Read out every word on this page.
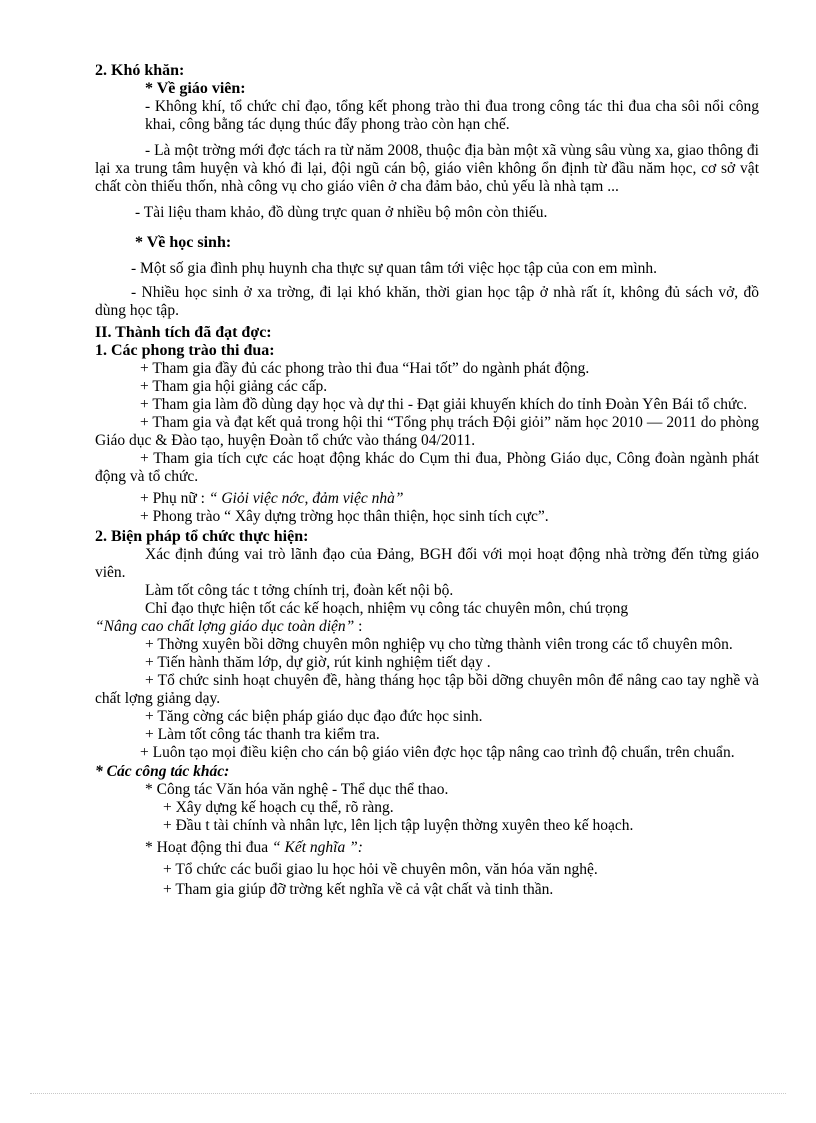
2. Khó khăn:
* Về giáo viên:

- Không khí, tổ chức chỉ đạo, tổng kết phong trào thi đua trong công tác thi đua cha sôi nổi công khai, công bằng tác dụng thúc đẩy phong trào còn hạn chế.

- Là một trờng mới đợc tách ra từ năm 2008, thuộc địa bàn một xã vùng sâu vùng xa, giao thông đi lại xa trung tâm huyện và khó đi lại, đội ngũ cán bộ, giáo viên không ổn định từ đầu năm học, cơ sở vật chất còn thiếu thốn, nhà công vụ cho giáo viên ở cha đảm bảo, chủ yếu là nhà tạm ...

- Tài liệu tham khảo, đồ dùng trực quan ở nhiều bộ môn còn thiếu.

* Về học sinh:

- Một số gia đình phụ huynh cha thực sự quan tâm tới việc học tập của con em mình.

- Nhiều học sinh ở xa trờng, đi lại khó khăn, thời gian học tập ở nhà rất ít, không đủ sách vở, đồ dùng học tập.

II. Thành tích đã đạt đợc:
1. Các phong trào thi đua:

+ Tham gia đầy đủ các phong trào thi đua “Hai tốt” do ngành phát động.

+ Tham gia hội giảng các cấp.

+ Tham gia làm đồ dùng dạy học và dự thi - Đạt giải khuyến khích do tỉnh Đoàn Yên Bái tổ chức.

+ Tham gia và đạt kết quả trong hội thi “Tổng phụ trách Đội giỏi” năm học 2010 — 2011 do phòng Giáo dục & Đào tạo, huyện Đoàn tổ chức vào tháng 04/2011.

+ Tham gia tích cực các hoạt động khác do Cụm thi đua, Phòng Giáo dục, Công đoàn ngành phát động và tổ chức.

+ Phụ nữ : “ Giỏi việc nớc, đảm việc nhà”

+ Phong trào “ Xây dựng trờng học thân thiện, học sinh tích cực”.

2. Biện pháp tổ chức thực hiện:

Xác định đúng vai trò lãnh đạo của Đảng, BGH đối với mọi hoạt động nhà trờng đến từng giáo viên.

Làm tốt công tác t tởng chính trị, đoàn kết nội bộ.

Chỉ đạo thực hiện tốt các kế hoạch, nhiệm vụ công tác chuyên môn, chú trọng

“Nâng cao chất lợng giáo dục toàn diện” :

+ Thờng xuyên bồi dỡng chuyên môn nghiệp vụ cho từng thành viên trong các tổ chuyên môn.

+ Tiến hành thăm lớp, dự giờ, rút kinh nghiệm tiết dạy .

+ Tổ chức sinh hoạt chuyên đề, hàng tháng học tập bồi dỡng chuyên môn để nâng cao tay nghề và chất lợng giảng dạy.

+ Tăng cờng các biện pháp giáo dục đạo đức học sinh.

+ Làm tốt công tác thanh tra kiểm tra.

+ Luôn tạo mọi điều kiện cho cán bộ giáo viên đợc học tập nâng cao trình độ chuẩn, trên chuẩn.

* Các công tác khác:

* Công tác Văn hóa văn nghệ - Thể dục thể thao.

+ Xây dựng kế hoạch cụ thể, rõ ràng.

+ Đầu t tài chính và nhân lực, lên lịch tập luyện thờng xuyên theo kế hoạch.

* Hoạt động thi đua “ Kết nghĩa ”:

+ Tổ chức các buổi giao lu học hỏi về chuyên môn, văn hóa văn nghệ.

+ Tham gia giúp đỡ trờng kết nghĩa về cả vật chất và tinh thần.
